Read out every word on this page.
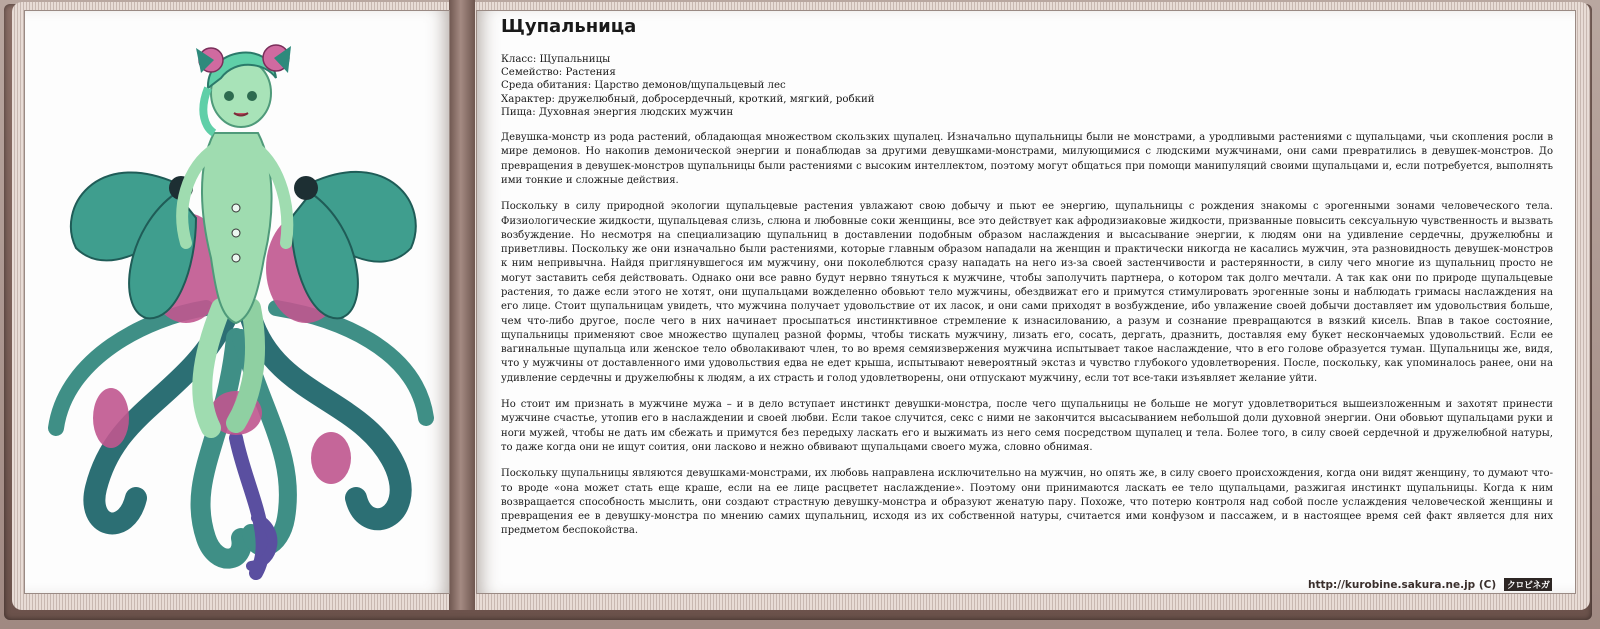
Щупальница
Класс: Щупальницы
Семейство: Растения
Среда обитания: Царство демонов/щупальцевый лес
Характер: дружелюбный, добросердечный, кроткий, мягкий, робкий
Пища: Духовная энергия людских мужчин

Девушка-монстр из рода растений, обладающая множеством скользких щупалец. Изначально щупальницы были не монстрами, а уродливыми растениями с щупальцами, чьи скопления росли в мире демонов. Но накопив демонической энергии и понаблюдав за другими девушками-монстрами, милующимися с людскими мужчинами, они сами превратились в девушек-монстров. До превращения в девушек-монстров щупальницы были растениями с высоким интеллектом, поэтому могут общаться при помощи манипуляций своими щупальцами и, если потребуется, выполнять ими тонкие и сложные действия.

Поскольку в силу природной экологии щупальцевые растения увлажают свою добычу и пьют ее энергию, щупальницы с рождения знакомы с эрогенными зонами человеческого тела. Физиологические жидкости, щупальцевая слизь, слюна и любовные соки женщины, все это действует как афродизиаковые жидкости, призванные повысить сексуальную чувственность и вызвать возбуждение. Но несмотря на специализацию щупальниц в доставлении подобным образом наслаждения и высасывание энергии, к людям они на удивление сердечны, дружелюбны и приветливы. Поскольку же они изначально были растениями, которые главным образом нападали на женщин и практически никогда не касались мужчин, эта разновидность девушек-монстров к ним непривычна. Найдя приглянувшегося им мужчину, они поколеблются сразу нападать на него из-за своей застенчивости и растерянности, в силу чего многие из щупальниц просто не могут заставить себя действовать. Однако они все равно будут нервно тянуться к мужчине, чтобы заполучить партнера, о котором так долго мечтали. А так как они по природе щупальцевые растения, то даже если этого не хотят, они щупальцами вожделенно обовьют тело мужчины, обездвижат его и примутся стимулировать эрогенные зоны и наблюдать гримасы наслаждения на его лице. Стоит щупальницам увидеть, что мужчина получает удовольствие от их ласок, и они сами приходят в возбуждение, ибо увлажение своей добычи доставляет им удовольствия больше, чем что-либо другое, после чего в них начинает просыпаться инстинктивное стремление к изнасилованию, а разум и сознание превращаются в вязкий кисель. Впав в такое состояние, щупальницы применяют свое множество щупалец разной формы, чтобы тискать мужчину, лизать его, сосать, дергать, дразнить, доставляя ему букет нескончаемых удовольствий. Если ее вагинальные щупальца или женское тело обволакивают член, то во время семяизвержения мужчина испытывает такое наслаждение, что в его голове образуется туман. Щупальницы же, видя, что у мужчины от доставленного ими удовольствия едва не едет крыша, испытывают невероятный экстаз и чувство глубокого удовлетворения. После, поскольку, как упоминалось ранее, они на удивление сердечны и дружелюбны к людям, а их страсть и голод удовлетворены, они отпускают мужчину, если тот все-таки изъявляет желание уйти.

Но стоит им признать в мужчине мужа – и в дело вступает инстинкт девушки-монстра, после чего щупальницы не больше не могут удовлетвориться вышеизложенным и захотят принести мужчине счастье, утопив его в наслаждении и своей любви. Если такое случится, секс с ними не закончится высасыванием небольшой доли духовной энергии. Они обовьют щупальцами руки и ноги мужей, чтобы не дать им сбежать и примутся без передыху ласкать его и выжимать из него семя посредством щупалец и тела. Более того, в силу своей сердечной и дружелюбной натуры, то даже когда они не ищут соития, они ласково и нежно обвивают щупальцами своего мужа, словно обнимая.

Поскольку щупальницы являются девушками-монстрами, их любовь направлена исключительно на мужчин, но опять же, в силу своего происхождения, когда они видят женщину, то думают что-то вроде «она может стать еще краше, если на ее лице расцветет наслаждение». Поэтому они принимаются ласкать ее тело щупальцами, разжигая инстинкт щупальницы. Когда к ним возвращается способность мыслить, они создают страстную девушку-монстра и образуют женатую пару. Похоже, что потерю контроля над собой после услаждения человеческой женщины и превращения ее в девушку-монстра по мнению самих щупальниц, исходя из их собственной натуры, считается ими конфузом и пассажем, и в настоящее время сей факт является для них предметом беспокойства.

http://kurobine.sakura.ne.jp (C) クロビネガ
